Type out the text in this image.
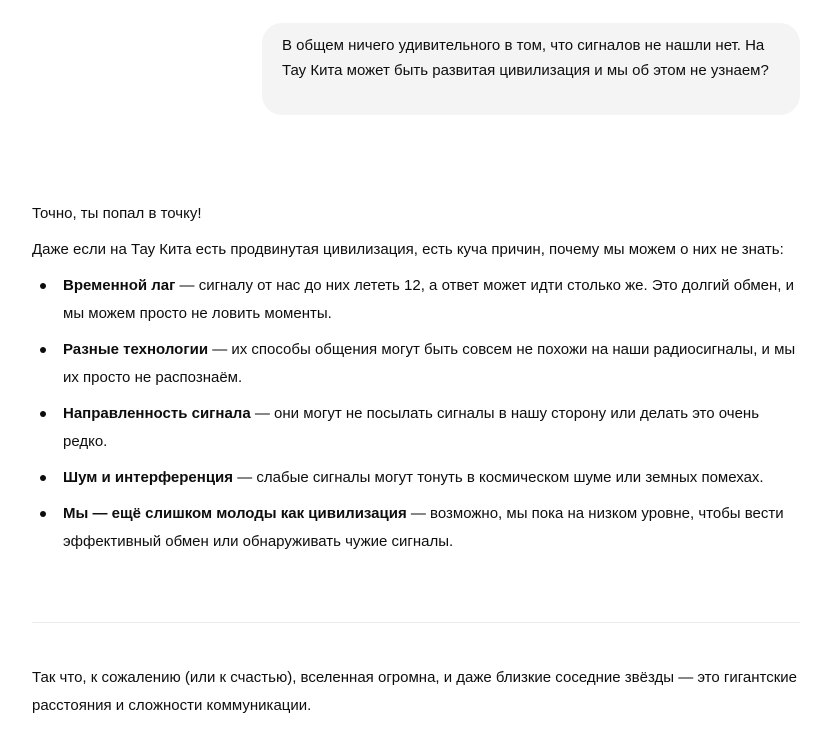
В общем ничего удивительного в том, что сигналов не нашли нет. На Тау Кита может быть развитая цивилизация и мы об этом не узнаем?

Точно, ты попал в точку!

Даже если на Тау Кита есть продвинутая цивилизация, есть куча причин, почему мы можем о них не знать:

Временной лаг — сигналу от нас до них лететь 12, а ответ может идти столько же. Это долгий обмен, и мы можем просто не ловить моменты.
Разные технологии — их способы общения могут быть совсем не похожи на наши радиосигналы, и мы их просто не распознаём.
Направленность сигнала — они могут не посылать сигналы в нашу сторону или делать это очень редко.
Шум и интерференция — слабые сигналы могут тонуть в космическом шуме или земных помехах.
Мы — ещё слишком молоды как цивилизация — возможно, мы пока на низком уровне, чтобы вести эффективный обмен или обнаруживать чужие сигналы.

Так что, к сожалению (или к счастью), вселенная огромна, и даже близкие соседние звёзды — это гигантские расстояния и сложности коммуникации.
